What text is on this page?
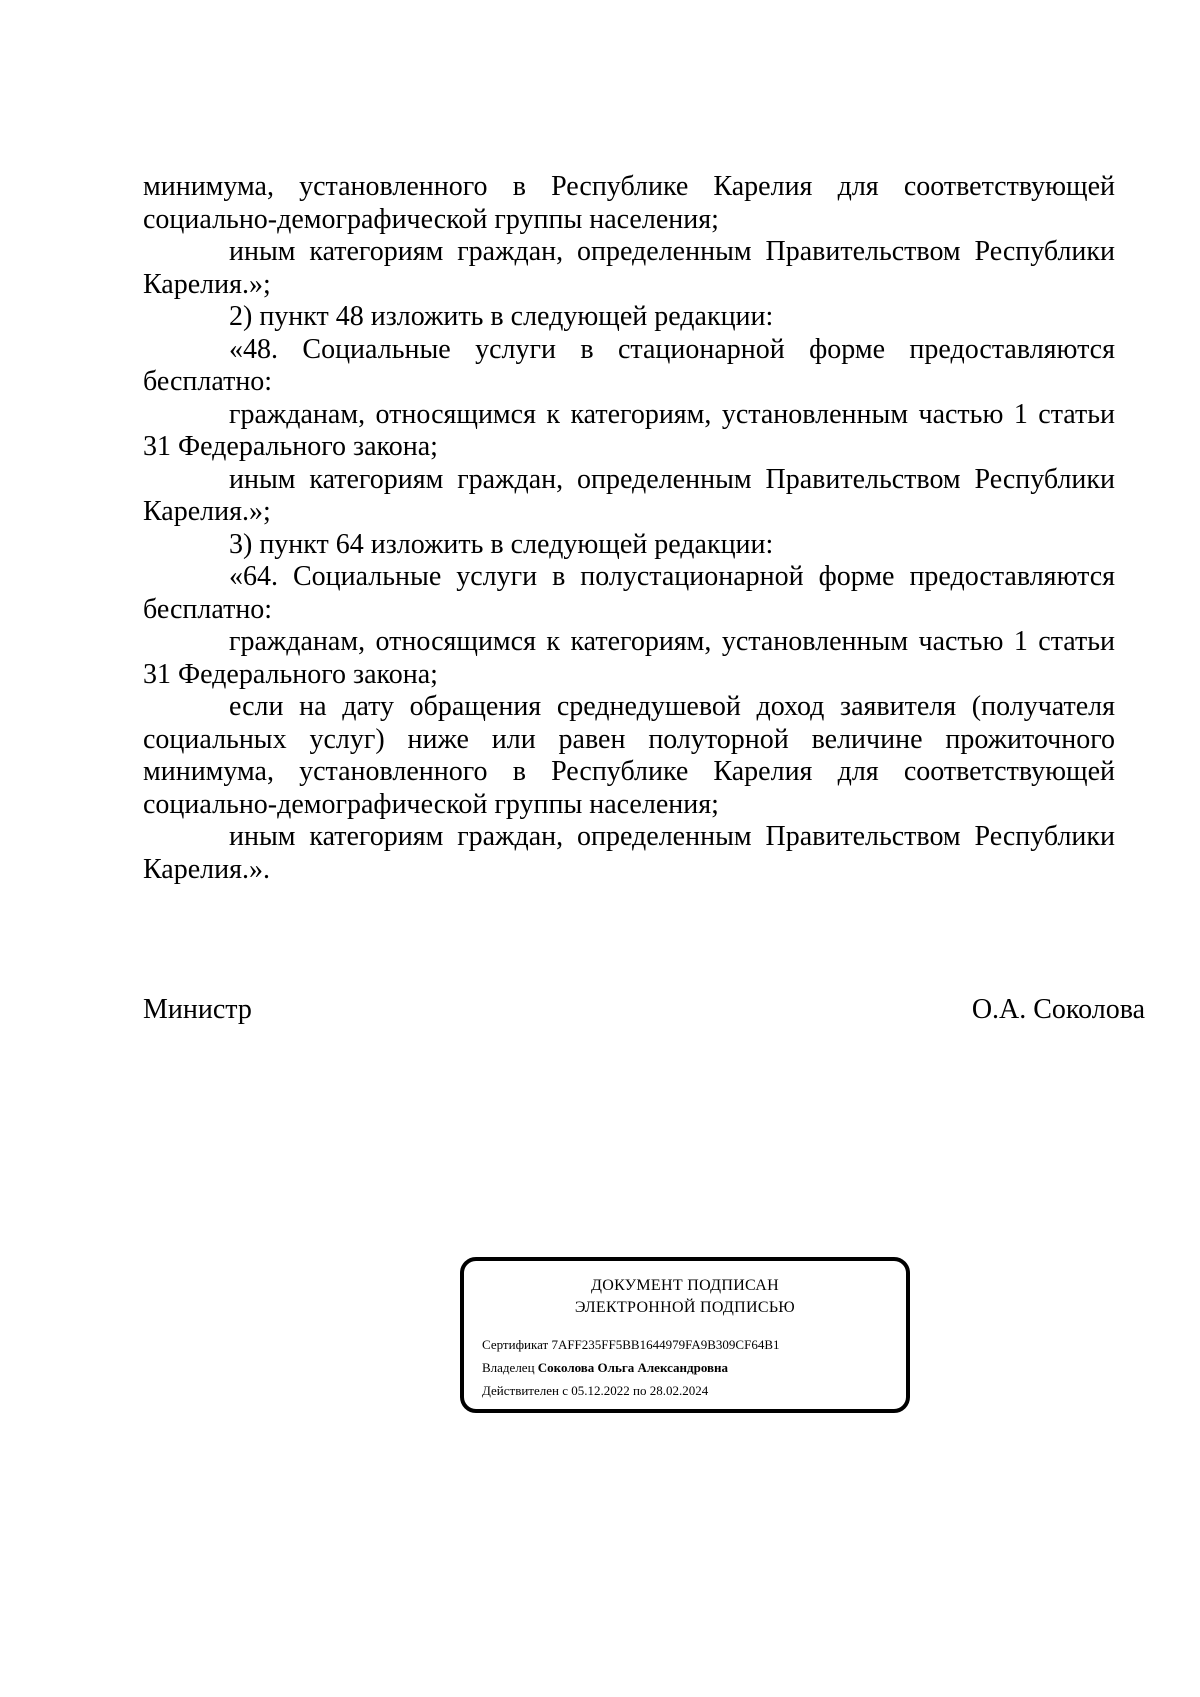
минимума, установленного в Республике Карелия для соответствующей социально-демографической группы населения;

иным категориям граждан, определенным Правительством Республики Карелия.»;

2) пункт 48 изложить в следующей редакции:

«48. Социальные услуги в стационарной форме предоставляются бесплатно:

гражданам, относящимся к категориям, установленным частью 1 статьи 31 Федерального закона;

иным категориям граждан, определенным Правительством Республики Карелия.»;

3) пункт 64 изложить в следующей редакции:

«64. Социальные услуги в полустационарной форме предоставляются бесплатно:

гражданам, относящимся к категориям, установленным частью 1 статьи 31 Федерального закона;

если на дату обращения среднедушевой доход заявителя (получателя социальных услуг) ниже или равен полуторной величине прожиточного минимума, установленного в Республике Карелия для соответствующей социально-демографической группы населения;

иным категориям граждан, определенным Правительством Республики Карелия.».

Министр	О.А. Соколова
ДОКУМЕНТ ПОДПИСАН
ЭЛЕКТРОННОЙ ПОДПИСЬЮ
Сертификат 7AFF235FF5BB1644979FA9B309CF64B1
Владелец Соколова Ольга Александровна
Действителен с 05.12.2022 по 28.02.2024
